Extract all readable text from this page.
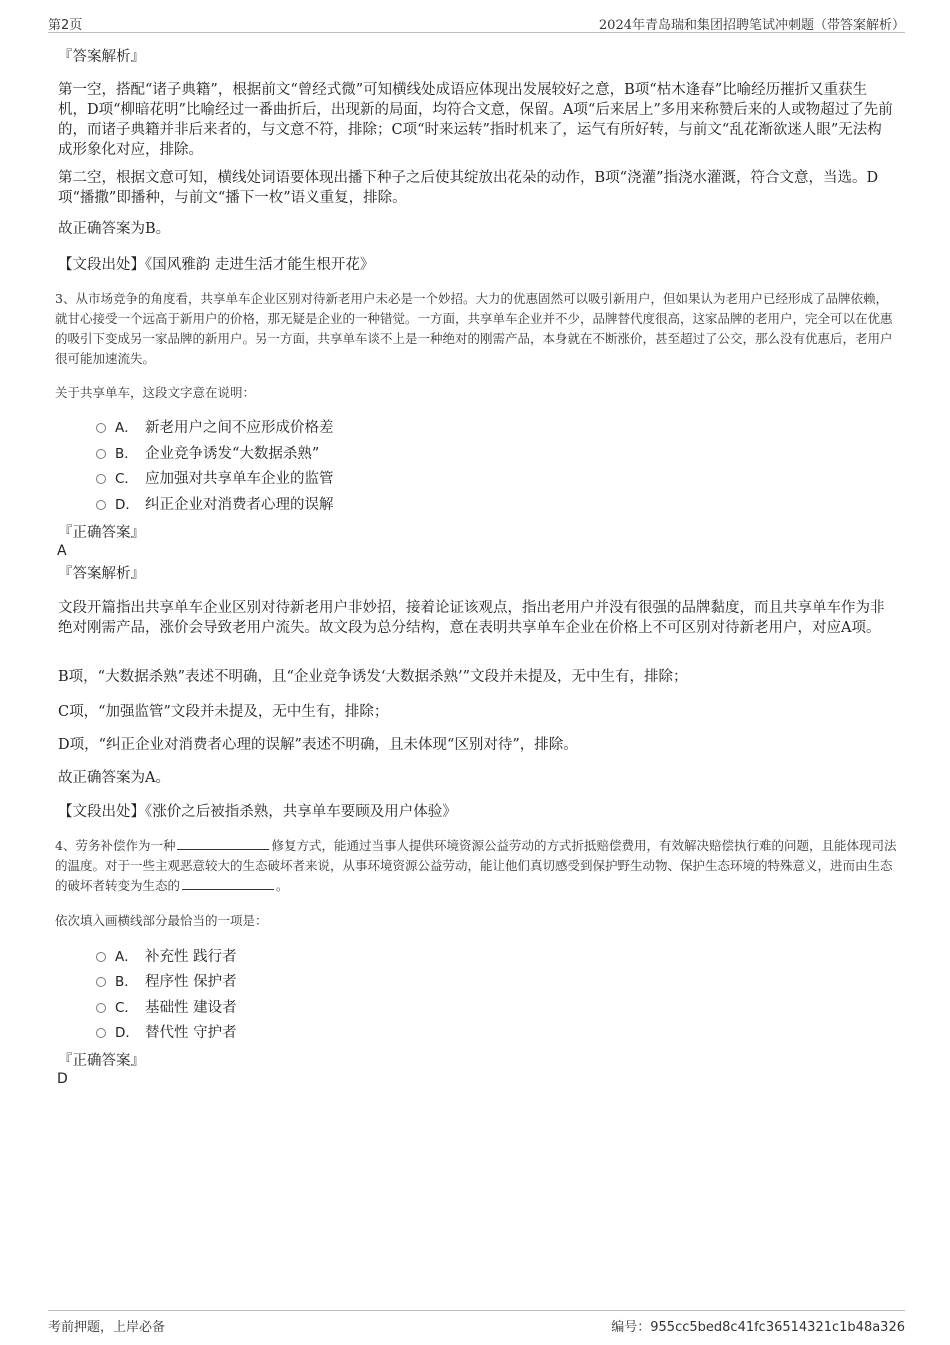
第2页	2024年青岛瑞和集团招聘笔试冲刺题（带答案解析）
『答案解析』
第一空，搭配“诸子典籍”，根据前文“曾经式微”可知横线处成语应体现出发展较好之意，B项“枯木逢春”比喻经历摧折又重获生机，D项“柳暗花明”比喻经过一番曲折后，出现新的局面，均符合文意，保留。A项“后来居上”多用来称赞后来的人或物超过了先前的，而诸子典籍并非后来者的，与文意不符，排除；C项“时来运转”指时机来了，运气有所好转，与前文“乱花渐欲迷人眼”无法构成形象化对应，排除。
第二空，根据文意可知，横线处词语要体现出播下种子之后使其绽放出花朵的动作，B项“浇灌”指浇水灌溉，符合文意，当选。D项“播撒”即播种，与前文“播下一枚”语义重复，排除。
故正确答案为B。
【文段出处】《国风雅韵 走进生活才能生根开花》
3、从市场竞争的角度看，共享单车企业区别对待新老用户未必是一个妙招。大力的优惠固然可以吸引新用户，但如果认为老用户已经形成了品牌依赖，就甘心接受一个远高于新用户的价格，那无疑是企业的一种错觉。一方面，共享单车企业并不少，品牌替代度很高，这家品牌的老用户，完全可以在优惠的吸引下变成另一家品牌的新用户。另一方面，共享单车谈不上是一种绝对的刚需产品，本身就在不断涨价，甚至超过了公交，那么没有优惠后，老用户很可能加速流失。
关于共享单车，这段文字意在说明：
A． 新老用户之间不应形成价格差
B． 企业竞争诱发“大数据杀熟”
C． 应加强对共享单车企业的监管
D． 纠正企业对消费者心理的误解
『正确答案』
A
『答案解析』
文段开篇指出共享单车企业区别对待新老用户非妙招，接着论证该观点，指出老用户并没有很强的品牌黏度，而且共享单车作为非绝对刚需产品，涨价会导致老用户流失。故文段为总分结构，意在表明共享单车企业在价格上不可区别对待新老用户，对应A项。
B项，“大数据杀熟”表述不明确，且“企业竞争诱发‘大数据杀熟’”文段并未提及，无中生有，排除；
C项，“加强监管”文段并未提及，无中生有，排除；
D项，“纠正企业对消费者心理的误解”表述不明确，且未体现“区别对待”，排除。
故正确答案为A。
【文段出处】《涨价之后被指杀熟，共享单车要顾及用户体验》
4、劳务补偿作为一种	修复方式，能通过当事人提供环境资源公益劳动的方式折抵赔偿费用，有效解决赔偿执行难的问题，且能体现司法的温度。对于一些主观恶意较大的生态破坏者来说，从事环境资源公益劳动，能让他们真切感受到保护野生动物、保护生态环境的特殊意义，进而由生态的破坏者转变为生态的	。
依次填入画横线部分最恰当的一项是：
A． 补充性 践行者
B． 程序性 保护者
C． 基础性 建设者
D． 替代性 守护者
『正确答案』
D
考前押题，上岸必备	编号：955cc5bed8c41fc36514321c1b48a326
